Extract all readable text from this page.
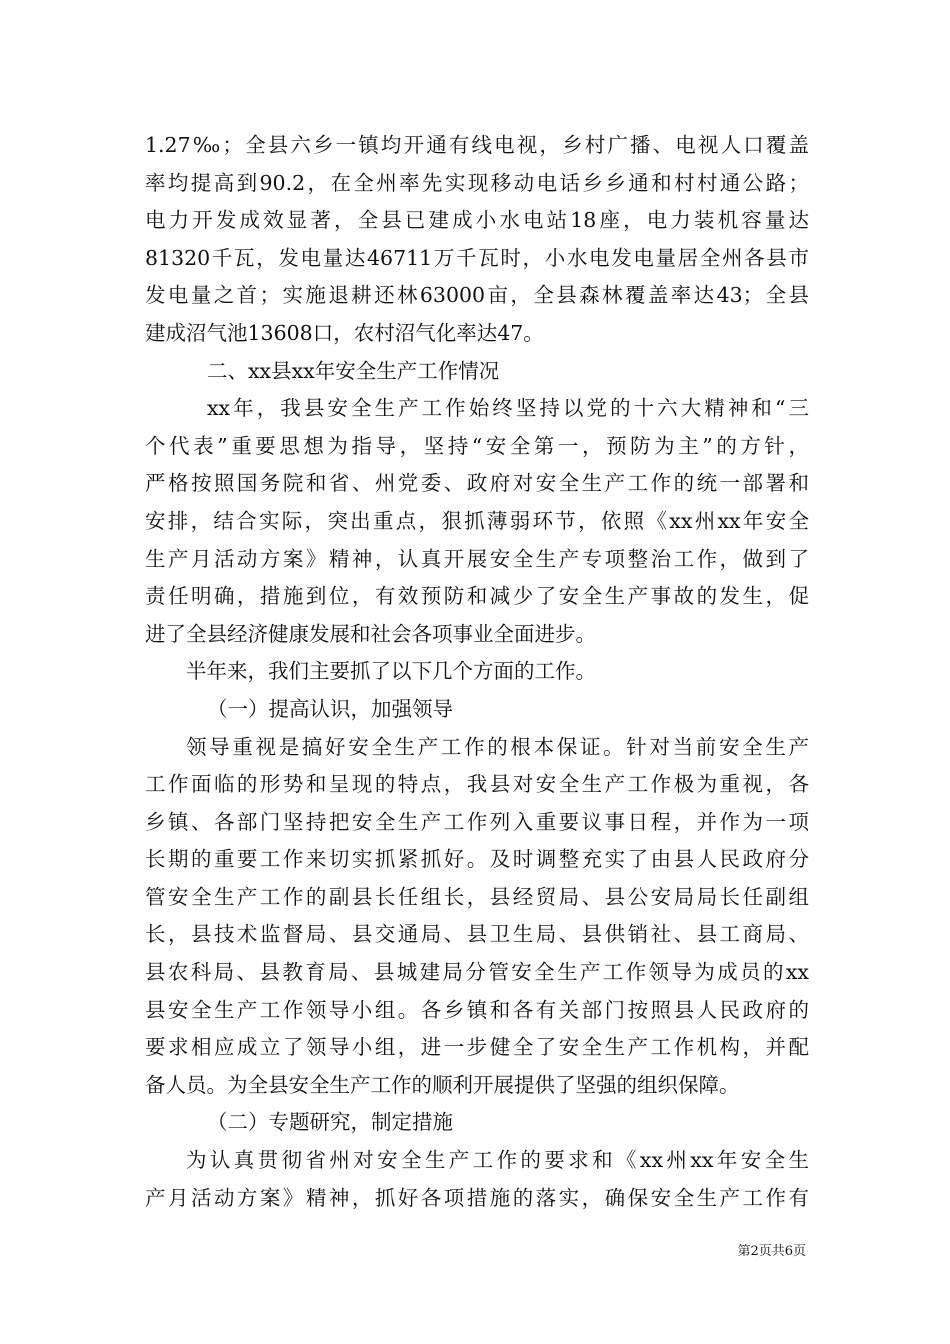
1.27‰；全县六乡一镇均开通有线电视，乡村广播、电视人口覆盖
率均提高到90.2，在全州率先实现移动电话乡乡通和村村通公路；
电力开发成效显著，全县已建成小水电站18座，电力装机容量达
81320千瓦，发电量达46711万千瓦时，小水电发电量居全州各县市
发电量之首；实施退耕还林63000亩，全县森林覆盖率达43；全县
建成沼气池13608口，农村沼气化率达47。
二、xx县xx年安全生产工作情况
xx年，我县安全生产工作始终坚持以党的十六大精神和“三
个代表”重要思想为指导，坚持“安全第一，预防为主”的方针，
严格按照国务院和省、州党委、政府对安全生产工作的统一部署和
安排，结合实际，突出重点，狠抓薄弱环节，依照《xx州xx年安全
生产月活动方案》精神，认真开展安全生产专项整治工作，做到了
责任明确，措施到位，有效预防和减少了安全生产事故的发生，促
进了全县经济健康发展和社会各项事业全面进步。
半年来，我们主要抓了以下几个方面的工作。
（一）提高认识，加强领导
领导重视是搞好安全生产工作的根本保证。针对当前安全生产
工作面临的形势和呈现的特点，我县对安全生产工作极为重视，各
乡镇、各部门坚持把安全生产工作列入重要议事日程，并作为一项
长期的重要工作来切实抓紧抓好。及时调整充实了由县人民政府分
管安全生产工作的副县长任组长，县经贸局、县公安局局长任副组
长，县技术监督局、县交通局、县卫生局、县供销社、县工商局、
县农科局、县教育局、县城建局分管安全生产工作领导为成员的xx
县安全生产工作领导小组。各乡镇和各有关部门按照县人民政府的
要求相应成立了领导小组，进一步健全了安全生产工作机构，并配
备人员。为全县安全生产工作的顺利开展提供了坚强的组织保障。
（二）专题研究，制定措施
为认真贯彻省州对安全生产工作的要求和《xx州xx年安全生
产月活动方案》精神，抓好各项措施的落实，确保安全生产工作有
第2页共6页
